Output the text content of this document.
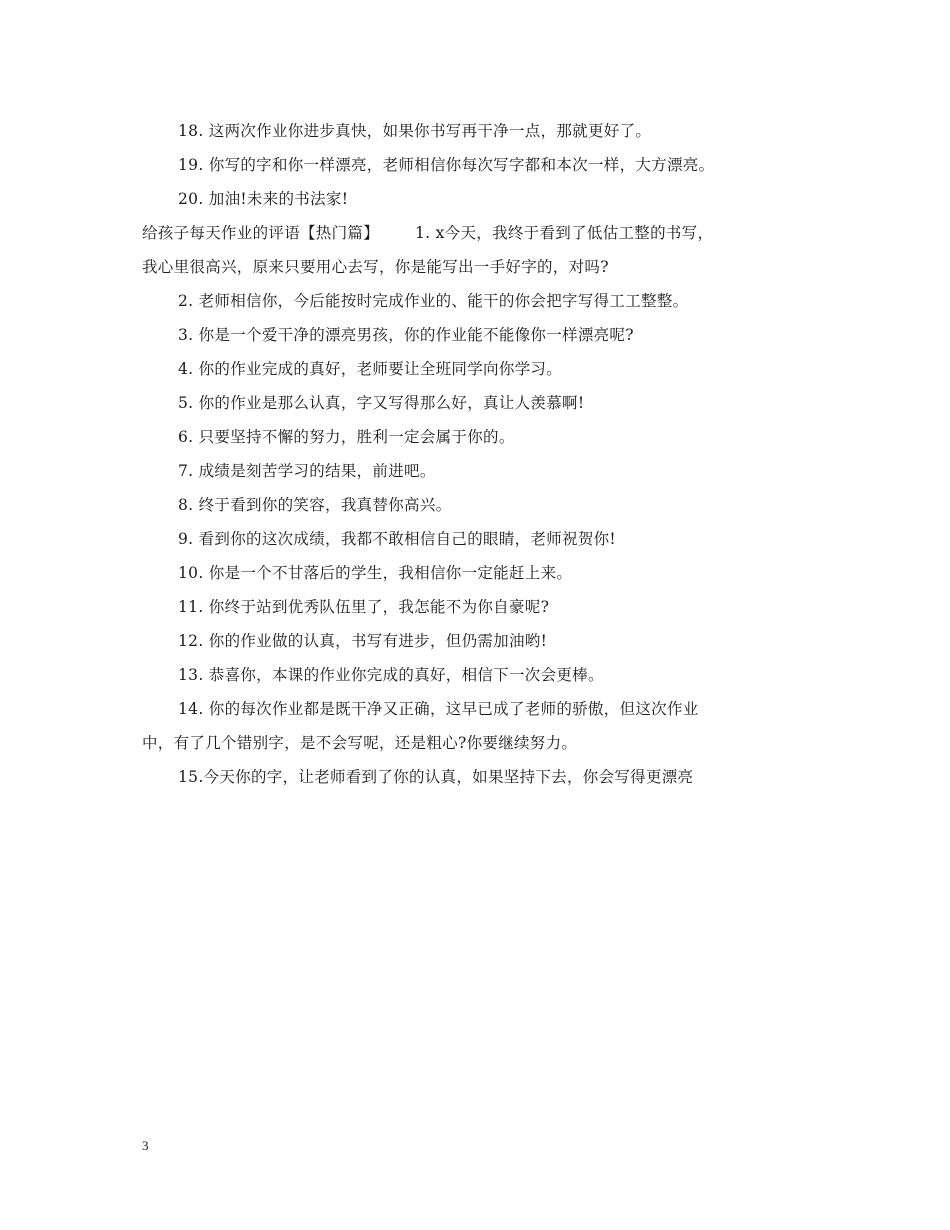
18. 这两次作业你进步真快，如果你书写再干净一点，那就更好了。
19. 你写的字和你一样漂亮，老师相信你每次写字都和本次一样，大方漂亮。
20. 加油!未来的书法家!
给孩子每天作业的评语【热门篇】 1. x今天，我终于看到了低估工整的书写，
我心里很高兴，原来只要用心去写，你是能写出一手好字的，对吗?
2. 老师相信你，今后能按时完成作业的、能干的你会把字写得工工整整。
3. 你是一个爱干净的漂亮男孩，你的作业能不能像你一样漂亮呢?
4. 你的作业完成的真好，老师要让全班同学向你学习。
5. 你的作业是那么认真，字又写得那么好，真让人羡慕啊!
6. 只要坚持不懈的努力，胜利一定会属于你的。
7. 成绩是刻苦学习的结果，前进吧。
8. 终于看到你的笑容，我真替你高兴。
9. 看到你的这次成绩，我都不敢相信自己的眼睛，老师祝贺你!
10. 你是一个不甘落后的学生，我相信你一定能赶上来。
11. 你终于站到优秀队伍里了，我怎能不为你自豪呢?
12. 你的作业做的认真，书写有进步，但仍需加油哟!
13. 恭喜你，本课的作业你完成的真好，相信下一次会更棒。
14. 你的每次作业都是既干净又正确，这早已成了老师的骄傲，但这次作业
中，有了几个错别字，是不会写呢，还是粗心?你要继续努力。
15.今天你的字，让老师看到了你的认真，如果坚持下去，你会写得更漂亮
3
